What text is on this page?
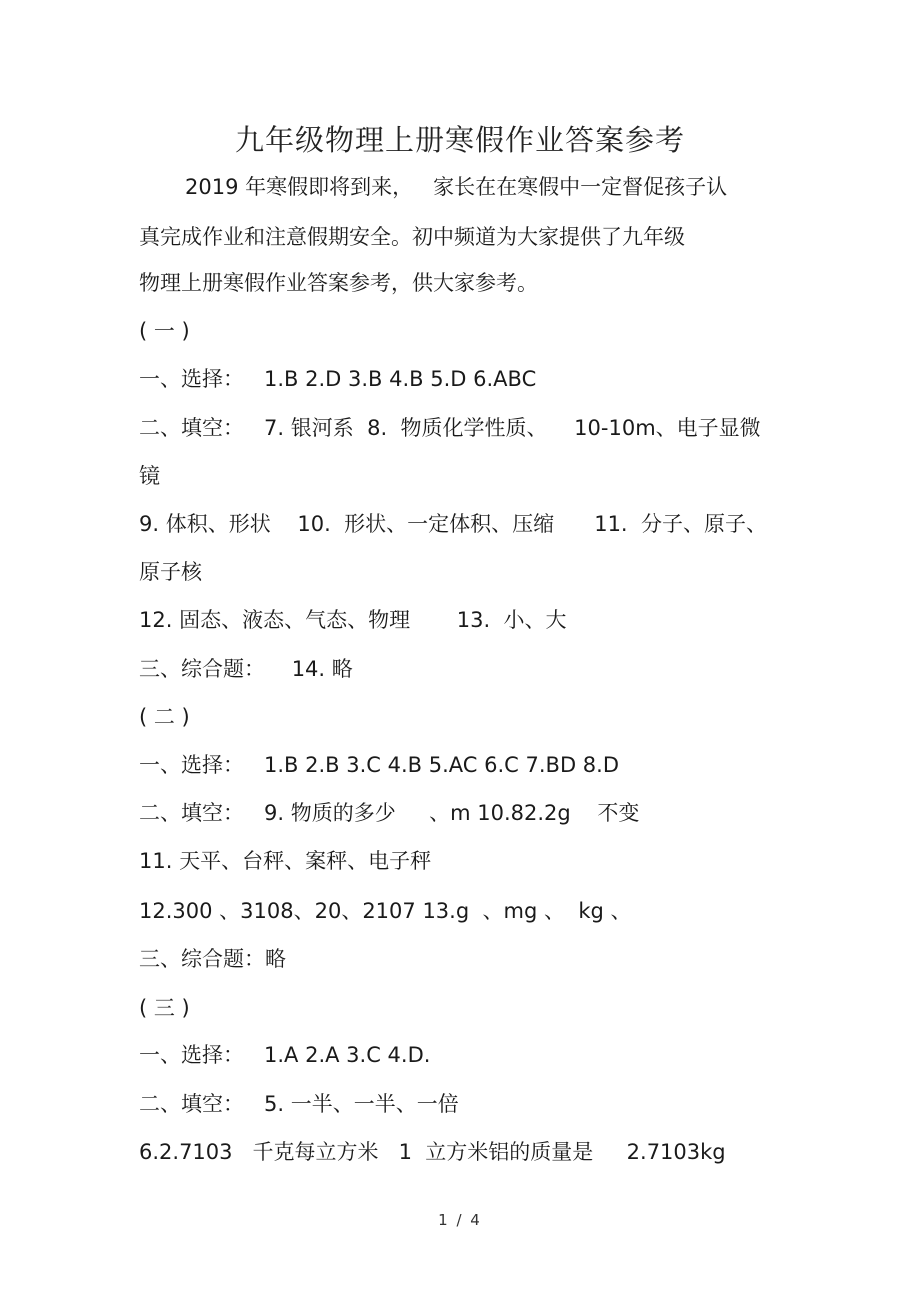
九年级物理上册寒假作业答案参考
2019 年寒假即将到来，   家长在在寒假中一定督促孩子认
真完成作业和注意假期安全。初中频道为大家提供了九年级
物理上册寒假作业答案参考，供大家参考。
( 一 )
一、选择：   1.B 2.D 3.B 4.B 5.D 6.ABC
二、填空：   7. 银河系  8.  物质化学性质、    10-10m、电子显微
镜
9. 体积、形状    10.  形状、一定体积、压缩      11.  分子、原子、
原子核
12. 固态、液态、气态、物理       13.  小、大
三、综合题：    14. 略
( 二 )
一、选择：   1.B 2.B 3.C 4.B 5.AC 6.C 7.BD 8.D
二、填空：   9. 物质的多少     、m 10.82.2g    不变
11. 天平、台秤、案秤、电子秤
12.300 、3108、20、2107 13.g  、mg 、  kg 、
三、综合题：略
( 三 )
一、选择：   1.A 2.A 3.C 4.D.
二、填空：   5. 一半、一半、一倍
6.2.7103   千克每立方米   1  立方米铝的质量是     2.7103kg
1 / 4
